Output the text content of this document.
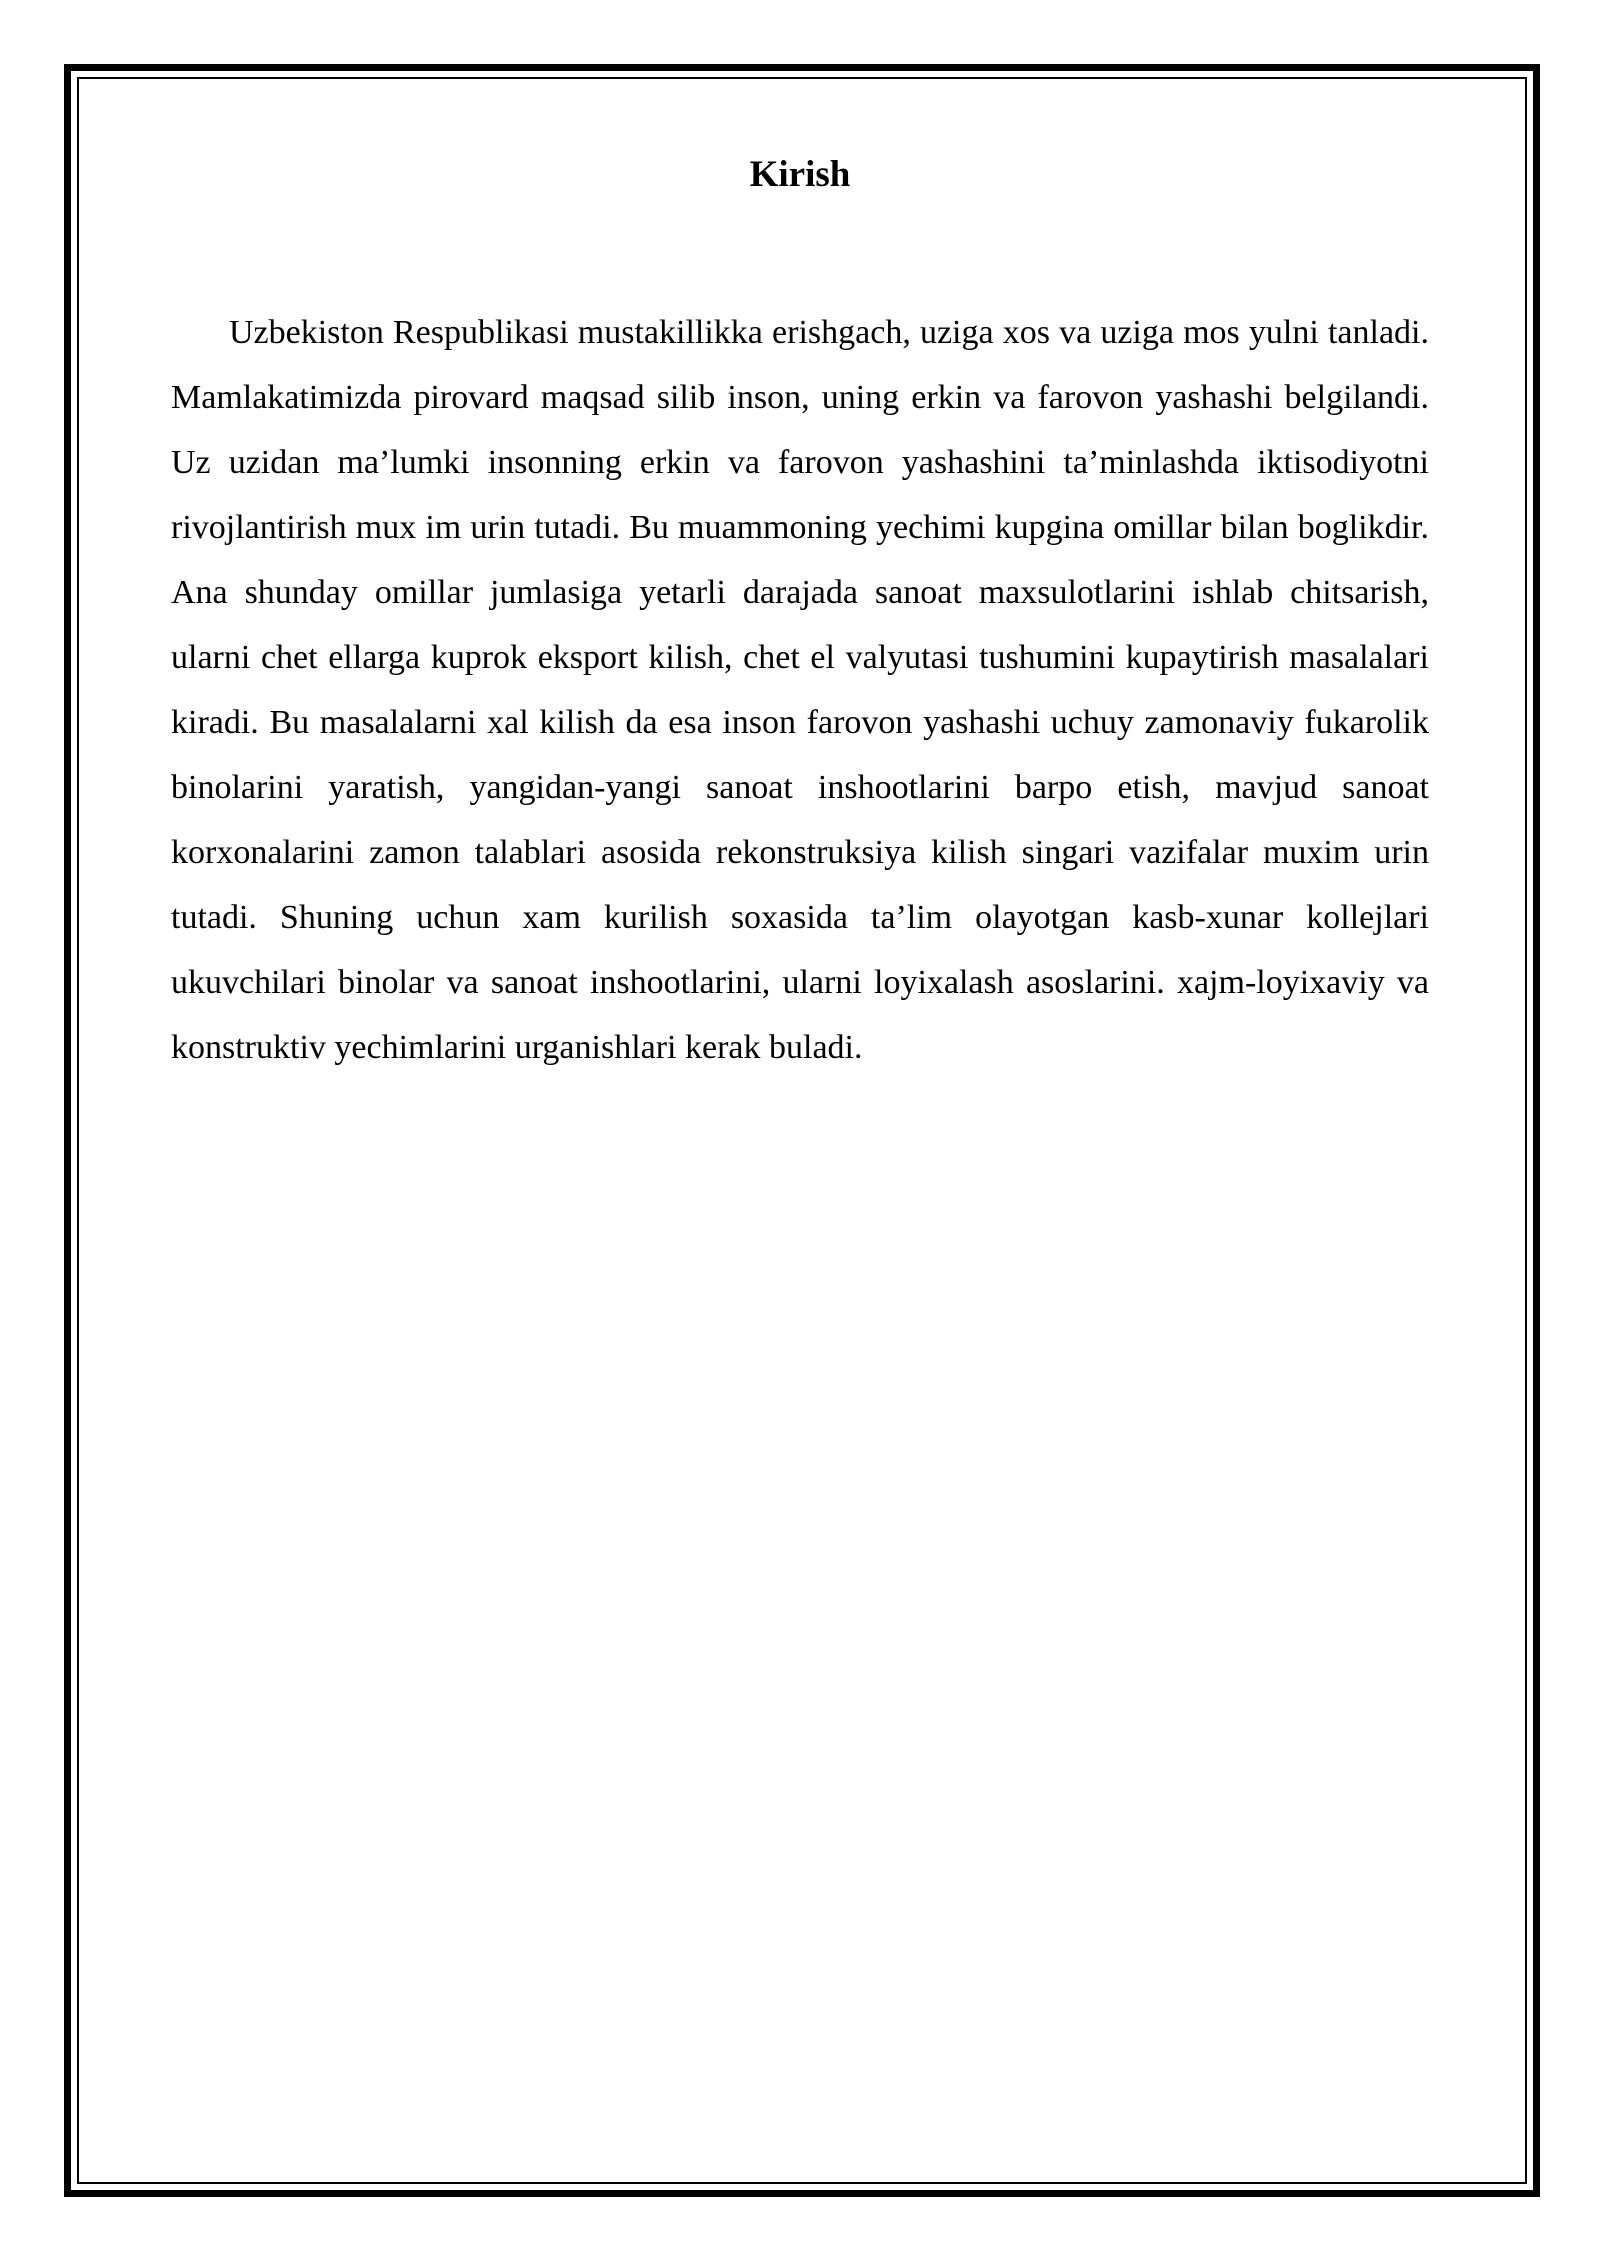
Kirish

Uzbekiston Respublikasi mustakillikka erishgach, uziga xos va uziga mos yulni tanladi. Mamlakatimizda pirovard maqsad silib inson, uning erkin va farovon yashashi belgilandi. Uz uzidan ma’lumki insonning erkin va farovon yashashini ta’minlashda iktisodiyotni rivojlantirish mux im urin tutadi. Bu muammoning yechimi kupgina omillar bilan boglikdir. Ana shunday omillar jumlasiga yetarli darajada sanoat maxsulotlarini ishlab chitsarish, ularni chet ellarga kuprok eksport kilish, chet el valyutasi tushumini kupaytirish masalalari kiradi. Bu masalalarni xal kilish da esa inson farovon yashashi uchuy zamonaviy fukarolik binolarini yaratish, yangidan-yangi sanoat inshootlarini barpo etish, mavjud sanoat korxonalarini zamon talablari asosida rekonstruksiya kilish singari vazifalar muxim urin tutadi. Shuning uchun xam kurilish soxasida ta’lim olayotgan kasb-xunar kollejlari ukuvchilari binolar va sanoat inshootlarini, ularni loyixalash asoslarini. xajm-loyixaviy va konstruktiv yechimlarini urganishlari kerak buladi.
